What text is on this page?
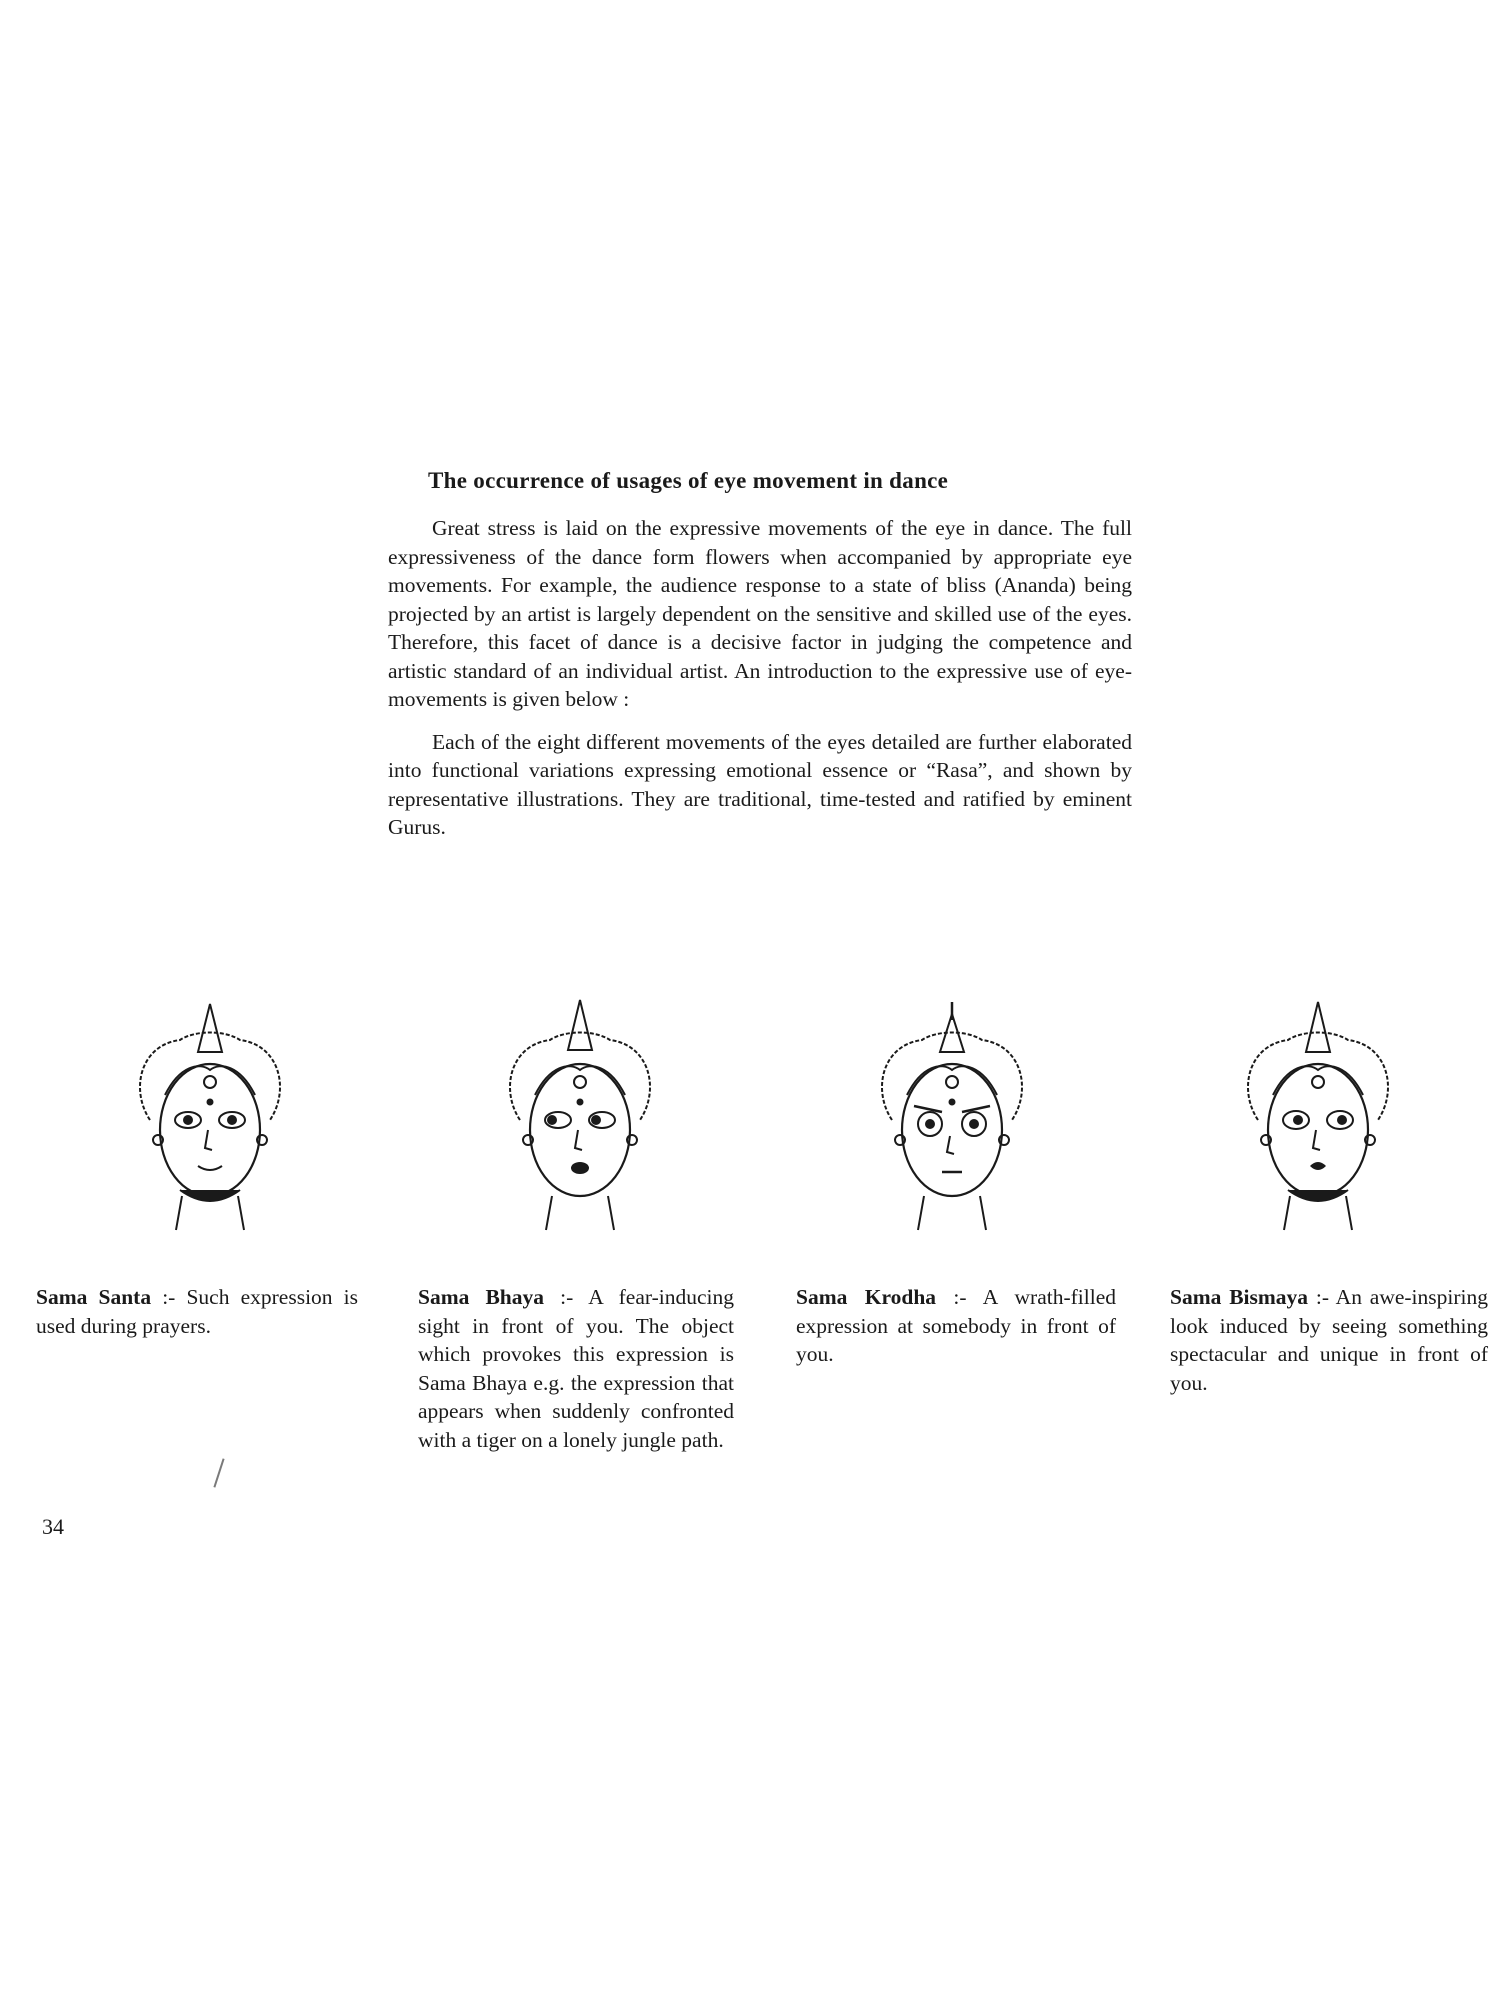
The occurrence of usages of eye movement in dance

Great stress is laid on the expressive movements of the eye in dance. The full expressiveness of the dance form flowers when accompanied by appropriate eye movements. For example, the audience response to a state of bliss (Ananda) being projected by an artist is largely dependent on the sensitive and skilled use of the eyes. Therefore, this facet of dance is a decisive factor in judging the competence and artistic standard of an individual artist. An introduction to the expressive use of eye-movements is given below :

Each of the eight different movements of the eyes detailed are further elaborated into functional variations expressing emotional essence or “Rasa”, and shown by representative illustrations. They are traditional, time-tested and ratified by eminent Gurus.

Sama Santa :- Such expression is used during prayers.
Sama Bhaya :- A fear-inducing sight in front of you. The object which provokes this expression is Sama Bhaya e.g. the expression that appears when suddenly confronted with a tiger on a lonely jungle path.
Sama Krodha :- A wrath-filled expression at somebody in front of you.
Sama Bismaya :- An awe-inspiring look induced by seeing something spectacular and unique in front of you.
34
